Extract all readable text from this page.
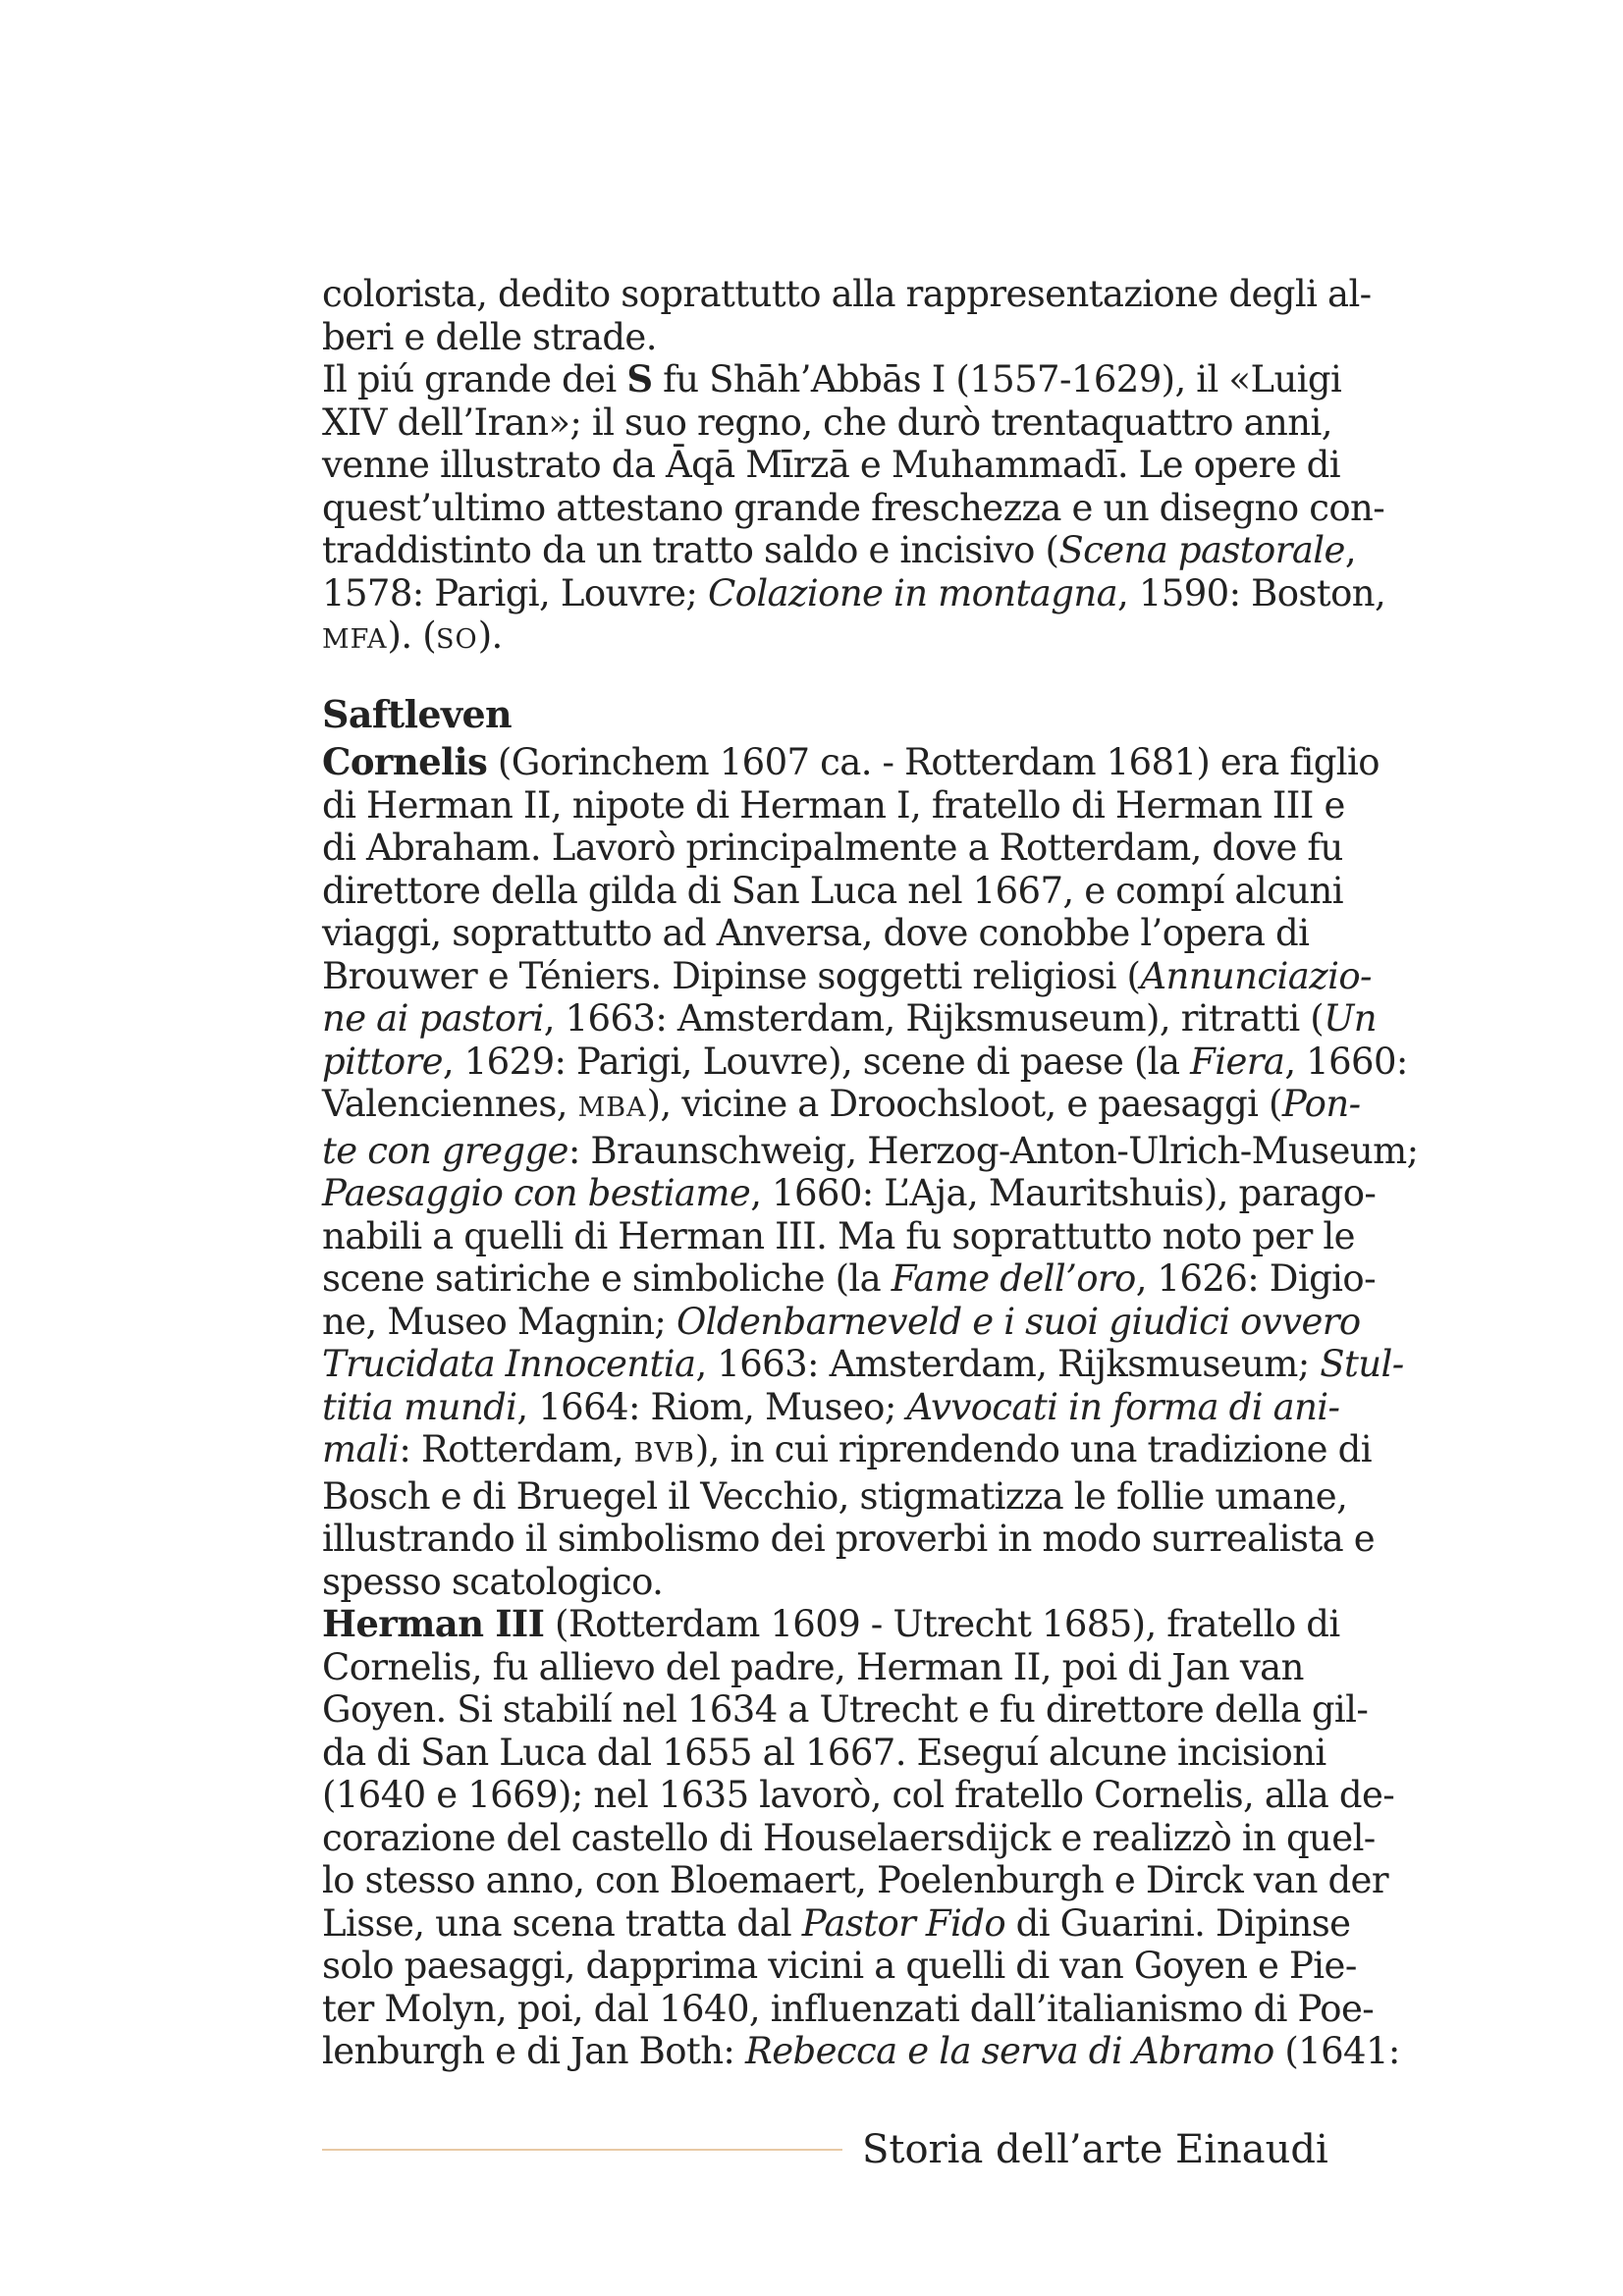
colorista, dedito soprattutto alla rappresentazione degli al-
beri e delle strade.
Il piú grande dei S fu Shāh’Abbās I (1557-1629), il «Luigi
XIV dell’Iran»; il suo regno, che durò trentaquattro anni,
venne illustrato da Āqā Mīrzā e Muhammadī. Le opere di
quest’ultimo attestano grande freschezza e un disegno con-
traddistinto da un tratto saldo e incisivo (Scena pastorale,
1578: Parigi, Louvre; Colazione in montagna, 1590: Boston,
MFA). (SO).
Saftleven
Cornelis (Gorinchem 1607 ca. - Rotterdam 1681) era figlio
di Herman II, nipote di Herman I, fratello di Herman III e
di Abraham. Lavorò principalmente a Rotterdam, dove fu
direttore della gilda di San Luca nel 1667, e compí alcuni
viaggi, soprattutto ad Anversa, dove conobbe l’opera di
Brouwer e Téniers. Dipinse soggetti religiosi (Annunciazio-
ne ai pastori, 1663: Amsterdam, Rijksmuseum), ritratti (Un
pittore, 1629: Parigi, Louvre), scene di paese (la Fiera, 1660:
Valenciennes, MBA), vicine a Droochsloot, e paesaggi (Pon-
te con gregge: Braunschweig, Herzog-Anton-Ulrich-Museum;
Paesaggio con bestiame, 1660: L’Aja, Mauritshuis), parago-
nabili a quelli di Herman III. Ma fu soprattutto noto per le
scene satiriche e simboliche (la Fame dell’oro, 1626: Digio-
ne, Museo Magnin; Oldenbarneveld e i suoi giudici ovvero
Trucidata Innocentia, 1663: Amsterdam, Rijksmuseum; Stul-
titia mundi, 1664: Riom, Museo; Avvocati in forma di ani-
mali: Rotterdam, BVB), in cui riprendendo una tradizione di
Bosch e di Bruegel il Vecchio, stigmatizza le follie umane,
illustrando il simbolismo dei proverbi in modo surrealista e
spesso scatologico.
Herman III (Rotterdam 1609 - Utrecht 1685), fratello di
Cornelis, fu allievo del padre, Herman II, poi di Jan van
Goyen. Si stabilí nel 1634 a Utrecht e fu direttore della gil-
da di San Luca dal 1655 al 1667. Eseguí alcune incisioni
(1640 e 1669); nel 1635 lavorò, col fratello Cornelis, alla de-
corazione del castello di Houselaersdijck e realizzò in quel-
lo stesso anno, con Bloemaert, Poelenburgh e Dirck van der
Lisse, una scena tratta dal Pastor Fido di Guarini. Dipinse
solo paesaggi, dapprima vicini a quelli di van Goyen e Pie-
ter Molyn, poi, dal 1640, influenzati dall’italianismo di Poe-
lenburgh e di Jan Both: Rebecca e la serva di Abramo (1641:
Storia dell’arte Einaudi
